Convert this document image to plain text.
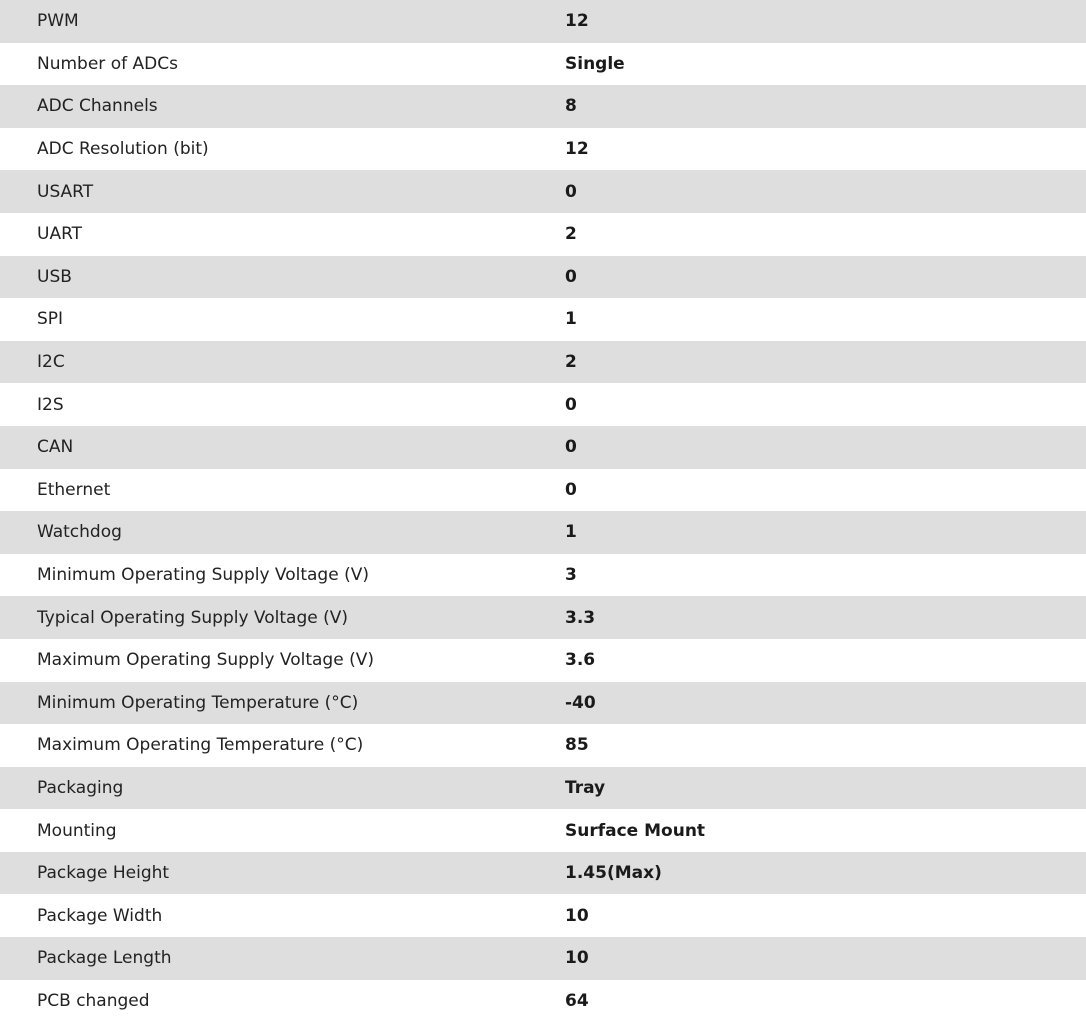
PWM	12
Number of ADCs	Single
ADC Channels	8
ADC Resolution (bit)	12
USART	0
UART	2
USB	0
SPI	1
I2C	2
I2S	0
CAN	0
Ethernet	0
Watchdog	1
Minimum Operating Supply Voltage (V)	3
Typical Operating Supply Voltage (V)	3.3
Maximum Operating Supply Voltage (V)	3.6
Minimum Operating Temperature (°C)	-40
Maximum Operating Temperature (°C)	85
Packaging	Tray
Mounting	Surface Mount
Package Height	1.45(Max)
Package Width	10
Package Length	10
PCB changed	64
